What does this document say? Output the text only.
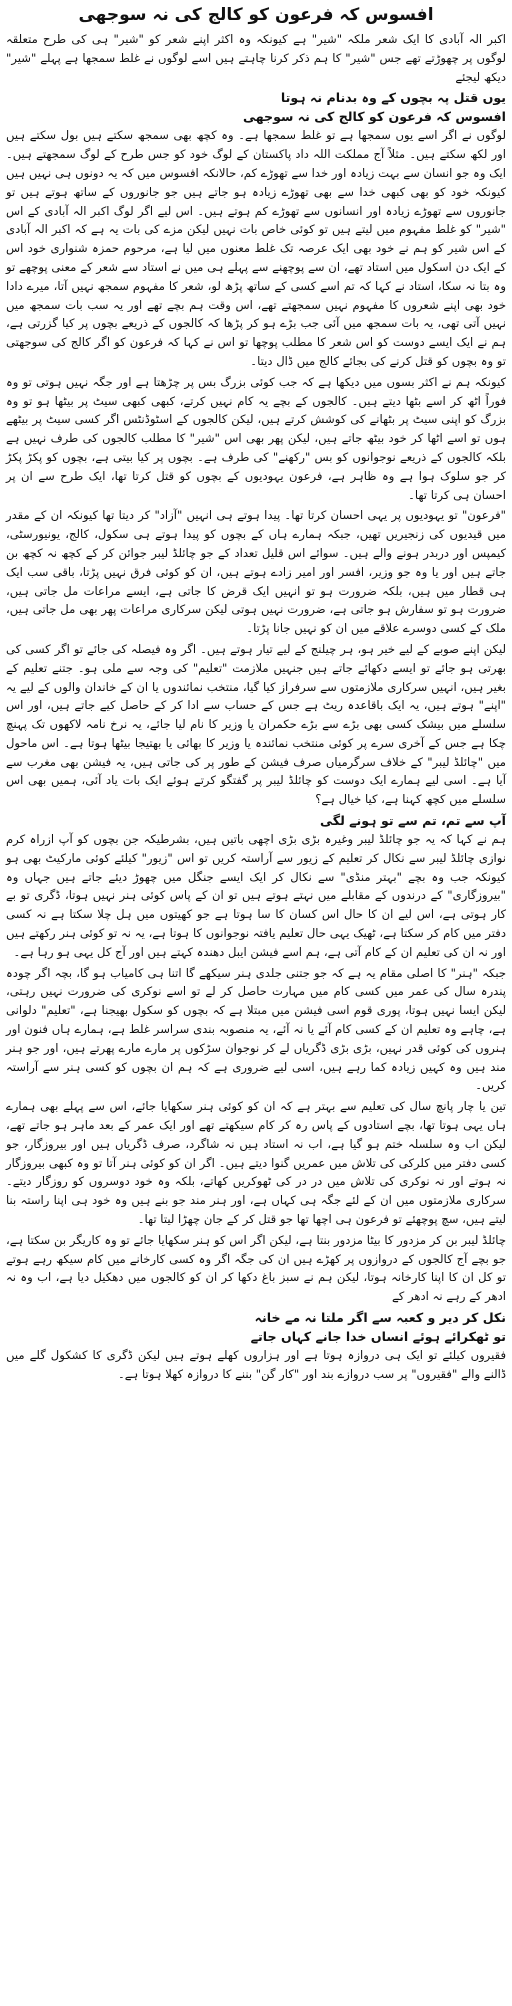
افسوس کہ فرعون کو کالج کی نہ سوجھی

اکبر الہ آبادی کا ایک شعر ملکہ "شیر" ہے کیونکہ وہ اکثر اپنے شعر کو "شیر" ہی کی طرح متعلقہ لوگوں پر چھوڑتے تھے جس "شیر" کا ہم ذکر کرنا چاہتے ہیں اسے لوگوں نے غلط سمجھا ہے پہلے "شیر" دیکھ لیجئے

یوں قتل پہ بچوں کے وہ بدنام نہ ہوتا
افسوس کہ فرعون کو کالج کی نہ سوجھی

لوگوں نے اگر اسے یوں سمجھا ہے تو غلط سمجھا ہے۔ وہ کچھ بھی سمجھ سکتے ہیں بول سکتے ہیں اور لکھ سکتے ہیں۔ مثلاً آج مملکت اللہ داد پاکستان کے لوگ خود کو جس طرح کے لوگ سمجھتے ہیں۔ ایک وہ جو انسان سے بہت زیادہ اور خدا سے تھوڑے کم، حالانکہ افسوس میں کہ یہ دونوں ہی نہیں ہیں کیونکہ خود کو بھی کبھی خدا سے بھی تھوڑے زیادہ ہو جاتے ہیں جو جانوروں کے ساتھ ہوتے ہیں تو جانوروں سے تھوڑے زیادہ اور انسانوں سے تھوڑے کم ہوتے ہیں۔ اس لیے اگر لوگ اکبر الہ آبادی کے اس "شیر" کو غلط مفہوم میں لیتے ہیں تو کوئی خاص بات نہیں لیکن مزے کی بات یہ ہے کہ اکبر الہ آبادی کے اس شیر کو ہم نے خود بھی ایک عرصہ تک غلط معنوں میں لیا ہے، مرحوم حمزہ شنواری خود اس کے ایک دن اسکول میں استاد تھے، ان سے پوچھنے سے پہلے ہی میں نے استاد سے شعر کے معنی پوچھے تو وہ بتا نہ سکا، استاد نے کہا کہ تم اسے کسی کے ساتھ پڑھ لو، شعر کا مفہوم سمجھ نہیں آتا، میرے دادا خود بھی اپنے شعروں کا مفہوم نہیں سمجھتے تھے، اس وقت ہم بچے تھے اور یہ سب بات سمجھ میں نہیں آتی تھی، یہ بات سمجھ میں آئی جب بڑے ہو کر پڑھا کہ کالجوں کے ذریعے بچوں پر کیا گزرتی ہے، ہم نے ایک ایسے دوست کو اس شعر کا مطلب پوچھا تو اس نے کہا کہ فرعون کو اگر کالج کی سوجھتی تو وہ بچوں کو قتل کرنے کی بجائے کالج میں ڈال دیتا۔

کیونکہ ہم نے اکثر بسوں میں دیکھا ہے کہ جب کوئی بزرگ بس پر چڑھتا ہے اور جگہ نہیں ہوتی تو وہ فوراً اٹھ کر اسے بٹھا دیتے ہیں۔ کالجوں کے بچے یہ کام نہیں کرتے، کبھی کبھی سیٹ پر بیٹھا ہو تو وہ بزرگ کو اپنی سیٹ پر بٹھانے کی کوشش کرتے ہیں، لیکن کالجوں کے اسٹوڈنٹس اگر کسی سیٹ پر بیٹھے ہوں تو اسے اٹھا کر خود بیٹھ جاتے ہیں، لیکن پھر بھی اس "شیر" کا مطلب کالجوں کی طرف نہیں ہے بلکہ کالجوں کے ذریعے نوجوانوں کو بس "رکھنے" کی طرف ہے۔ بچوں پر کیا بیتی ہے، بچوں کو پکڑ پکڑ کر جو سلوک ہوا ہے وہ ظاہر ہے، فرعون یہودیوں کے بچوں کو قتل کرتا تھا، ایک طرح سے ان پر احسان ہی کرتا تھا۔

"فرعون" تو یہودیوں پر یہی احسان کرتا تھا۔ پیدا ہوتے ہی انہیں "آزاد" کر دیتا تھا کیونکہ ان کے مقدر میں قیدیوں کی زنجیریں تھیں، جبکہ ہمارے ہاں کے بچوں کو پیدا ہوتے ہی سکول، کالج، یونیورسٹی، کیمپس اور دربدر ہونے والے ہیں۔ سوائے اس قلیل تعداد کے جو چائلڈ لیبر جوائن کر کے کچھ نہ کچھ بن جاتے ہیں اور یا وہ جو وزیر، افسر اور امیر زادے ہوتے ہیں، ان کو کوئی فرق نہیں پڑتا، باقی سب ایک ہی قطار میں ہیں، بلکہ ضرورت ہو تو انہیں ایک قرض کا جاتی ہے، ایسے مراعات مل جاتی ہیں، ضرورت ہو تو سفارش ہو جاتی ہے، ضرورت نہیں ہوتی لیکن سرکاری مراعات پھر بھی مل جاتی ہیں، ملک کے کسی دوسرے علاقے میں ان کو نہیں جانا پڑتا۔

لیکن اپنے صوبے کے لیے خیر ہو، ہر چیلنج کے لیے تیار ہوتے ہیں۔ اگر وہ فیصلہ کی جائے تو اگر کسی کی بھرتی ہو جائے تو ایسے دکھائے جاتے ہیں جنہیں ملازمت "تعلیم" کی وجہ سے ملی ہو۔ جتنے تعلیم کے بغیر ہیں، انہیں سرکاری ملازمتوں سے سرفراز کیا گیا، منتخب نمائندوں یا ان کے خاندان والوں کے لیے یہ "اپنے" ہوتے ہیں، یہ ایک باقاعدہ ریٹ ہے جس کے حساب سے ادا کر کے حاصل کیے جاتے ہیں، اور اس سلسلے میں بیشک کسی بھی بڑے سے بڑے حکمران یا وزیر کا نام لیا جائے، یہ نرخ نامہ لاکھوں تک پہنچ چکا ہے جس کے آخری سرے پر کوئی منتخب نمائندہ یا وزیر کا بھائی یا بھتیجا بیٹھا ہوتا ہے۔ اس ماحول میں "چائلڈ لیبر" کے خلاف سرگرمیاں صرف فیشن کے طور پر کی جاتی ہیں، یہ فیشن بھی مغرب سے آیا ہے۔ اسی لیے ہمارے ایک دوست کو چائلڈ لیبر پر گفتگو کرتے ہوئے ایک بات یاد آئی، ہمیں بھی اس سلسلے میں کچھ کہنا ہے، کیا خیال ہے؟

آپ سے تم، تم سے تو ہونے لگی

ہم نے کہا کہ یہ جو چائلڈ لیبر وغیرہ بڑی بڑی اچھی باتیں ہیں، بشرطیکہ جن بچوں کو آپ ازراہ کرم نوازی چائلڈ لیبر سے نکال کر تعلیم کے زیور سے آراستہ کریں تو اس "زیور" کیلئے کوئی مارکیٹ بھی ہو کیونکہ جب وہ بچے "بہتر منڈی" سے نکال کر ایک ایسے جنگل میں چھوڑ دیئے جاتے ہیں جہاں وہ "بیروزگاری" کے درندوں کے مقابلے میں نہتے ہوتے ہیں تو ان کے پاس کوئی ہنر نہیں ہوتا، ڈگری تو بے کار ہوتی ہے، اس لیے ان کا حال اس کسان کا سا ہوتا ہے جو کھیتوں میں ہل چلا سکتا ہے نہ کسی دفتر میں کام کر سکتا ہے، ٹھیک یہی حال تعلیم یافتہ نوجوانوں کا ہوتا ہے، یہ نہ تو کوئی ہنر رکھتے ہیں اور نہ ان کی تعلیم ان کے کام آتی ہے، ہم اسے فیشن ایبل دھندہ کہتے ہیں اور آج کل یہی ہو رہا ہے۔

جبکہ "ہنر" کا اصلی مقام یہ ہے کہ جو جتنی جلدی ہنر سیکھے گا اتنا ہی کامیاب ہو گا، بچہ اگر چودہ پندرہ سال کی عمر میں کسی کام میں مہارت حاصل کر لے تو اسے نوکری کی ضرورت نہیں رہتی، لیکن ایسا نہیں ہوتا، پوری قوم اسی فیشن میں مبتلا ہے کہ بچوں کو سکول بھیجنا ہے، "تعلیم" دلوانی ہے، چاہے وہ تعلیم ان کے کسی کام آئے یا نہ آئے، یہ منصوبہ بندی سراسر غلط ہے، ہمارے ہاں فنون اور ہنروں کی کوئی قدر نہیں، بڑی بڑی ڈگریاں لے کر نوجوان سڑکوں پر مارے مارے پھرتے ہیں، اور جو ہنر مند ہیں وہ کہیں زیادہ کما رہے ہیں، اسی لیے ضروری ہے کہ ہم ان بچوں کو کسی ہنر سے آراستہ کریں۔

تین یا چار پانچ سال کی تعلیم سے بہتر ہے کہ ان کو کوئی ہنر سکھایا جائے، اس سے پہلے بھی ہمارے ہاں یہی ہوتا تھا، بچے استادوں کے پاس رہ کر کام سیکھتے تھے اور ایک عمر کے بعد ماہر ہو جاتے تھے، لیکن اب وہ سلسلہ ختم ہو گیا ہے، اب نہ استاد ہیں نہ شاگرد، صرف ڈگریاں ہیں اور بیروزگار، جو کسی دفتر میں کلرکی کی تلاش میں عمریں گنوا دیتے ہیں۔ اگر ان کو کوئی ہنر آتا تو وہ کبھی بیروزگار نہ ہوتے اور نہ نوکری کی تلاش میں در در کی ٹھوکریں کھاتے، بلکہ وہ خود دوسروں کو روزگار دیتے۔ سرکاری ملازمتوں میں ان کے لئے جگہ ہی کہاں ہے، اور ہنر مند جو بنے ہیں وہ خود ہی اپنا راستہ بنا لیتے ہیں، سچ پوچھئے تو فرعون ہی اچھا تھا جو قتل کر کے جان چھڑا لیتا تھا۔

چائلڈ لیبر بن کر مزدور کا بیٹا مزدور بنتا ہے، لیکن اگر اس کو ہنر سکھایا جائے تو وہ کاریگر بن سکتا ہے، جو بچے آج کالجوں کے دروازوں پر کھڑے ہیں ان کی جگہ اگر وہ کسی کارخانے میں کام سیکھ رہے ہوتے تو کل ان کا اپنا کارخانہ ہوتا، لیکن ہم نے سبز باغ دکھا کر ان کو کالجوں میں دھکیل دیا ہے، اب وہ نہ ادھر کے رہے نہ ادھر کے

نکل کر دیر و کعبہ سے اگر ملتا نہ مے خانہ
تو ٹھکرائے ہوئے انساں خدا جانے کہاں جاتے

فقیروں کیلئے تو ایک ہی دروازہ ہوتا ہے اور ہزاروں کھلے ہوتے ہیں لیکن ڈگری کا کشکول گلے میں ڈالنے والے "فقیروں" پر سب دروازے بند اور "کار گن" بننے کا دروازہ کھلا ہوتا ہے۔
